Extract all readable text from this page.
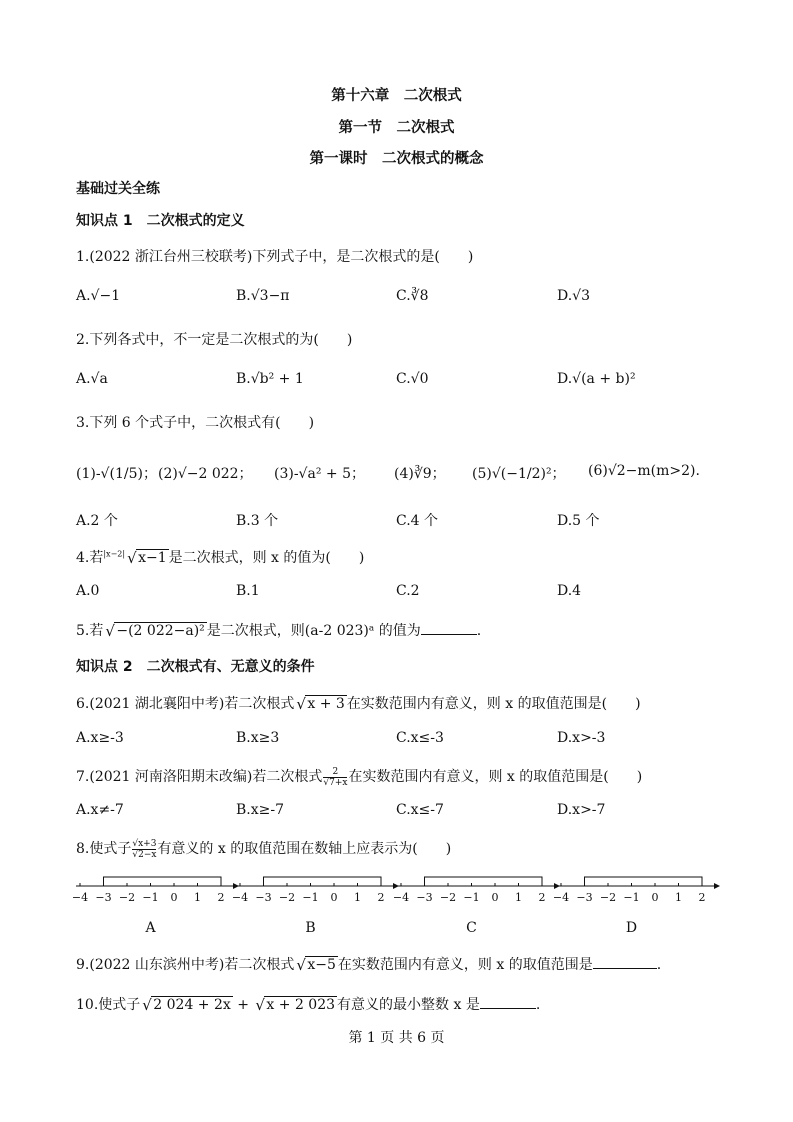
第十六章　二次根式
第一节　二次根式
第一课时　二次根式的概念
基础过关全练
知识点 1　二次根式的定义
1.(2022 浙江台州三校联考)下列式子中，是二次根式的是(　　)
A.√−1	B.√3−π	C.∛8	D.√3
2.下列各式中，不一定是二次根式的为(　　)
A.√a	B.√b² + 1	C.√0	D.√(a + b)²
3.下列 6 个式子中，二次根式有(　　)
(1)-√(1/5)； (2)√−2 022； (3)-√a² + 5； (4)∛9； (5)√(−1/2)²； (6)√2−m(m>2).
A.2 个	B.3 个	C.4 个	D.5 个
4.若$^{|x-2|}$ √ x−1 是二次根式，则 x 的值为(　　)
A.0	B.1	C.2	D.4
5.若 √ −(2 022−a)² 是二次根式，则(a-2 023)ᵃ 的值为	.
知识点 2　二次根式有、无意义的条件
6.(2021 湖北襄阳中考)若二次根式 √ x + 3 在实数范围内有意义，则 x 的取值范围是(　　)
A.x≥-3	B.x≥3	C.x≤-3	D.x>-3
7.(2021 河南洛阳期末改编)若二次根式 $\frac{2}{√7+x}$ 在实数范围内有意义，则 x 的取值范围是(　　)
A.x≠-7	B.x≥-7	C.x≤-7	D.x>-7
8.使式子 $\frac{√x+3}{√2-x}$ 有意义的 x 的取值范围在数轴上应表示为(　　)
−4 −3 −2 −1 0 1 2
A
−4 −3 −2 −1 0 1 2
B
−4 −3 −2 −1 0 1 2
C
−4 −3 −2 −1 0 1 2
D
9.(2022 山东滨州中考)若二次根式 √ x−5 在实数范围内有意义，则 x 的取值范围是	.
10.使式子 √ 2 024 + 2x + √ x + 2 023 有意义的最小整数 x 是	.
第 1 页 共 6 页
